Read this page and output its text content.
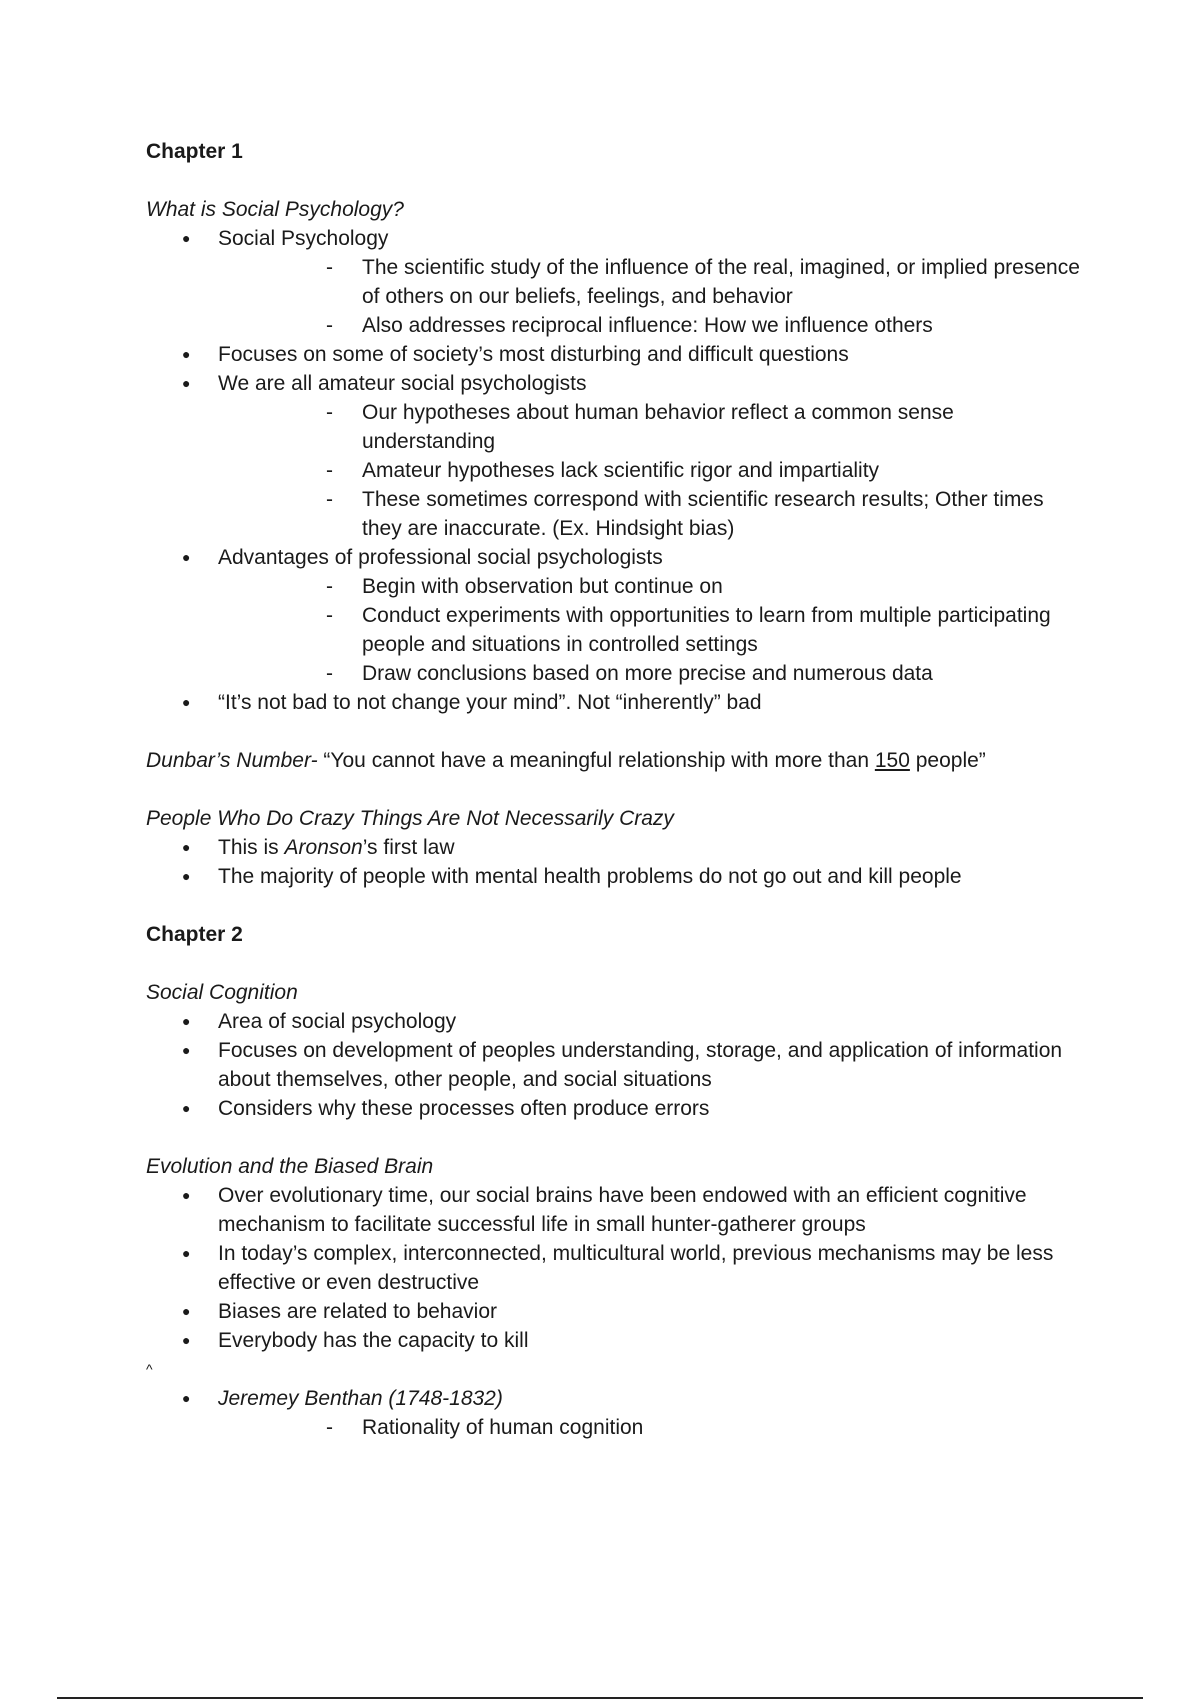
Chapter 1

What is Social Psychology?

● Social Psychology
- The scientific study of the influence of the real, imagined, or implied presence of others on our beliefs, feelings, and behavior
- Also addresses reciprocal influence: How we influence others
● Focuses on some of society’s most disturbing and difficult questions
● We are all amateur social psychologists
- Our hypotheses about human behavior reflect a common sense understanding
- Amateur hypotheses lack scientific rigor and impartiality
- These sometimes correspond with scientific research results; Other times they are inaccurate. (Ex. Hindsight bias)
● Advantages of professional social psychologists
- Begin with observation but continue on
- Conduct experiments with opportunities to learn from multiple participating people and situations in controlled settings
- Draw conclusions based on more precise and numerous data
● “It’s not bad to not change your mind”. Not “inherently” bad

Dunbar’s Number- “You cannot have a meaningful relationship with more than 150 people”

People Who Do Crazy Things Are Not Necessarily Crazy

● This is Aronson’s first law
● The majority of people with mental health problems do not go out and kill people

Chapter 2

Social Cognition

● Area of social psychology
● Focuses on development of peoples understanding, storage, and application of information about themselves, other people, and social situations
● Considers why these processes often produce errors

Evolution and the Biased Brain

● Over evolutionary time, our social brains have been endowed with an efficient cognitive mechanism to facilitate successful life in small hunter-gatherer groups
● In today’s complex, interconnected, multicultural world, previous mechanisms may be less effective or even destructive
● Biases are related to behavior
● Everybody has the capacity to kill

^

● Jeremey Benthan (1748-1832)
- Rationality of human cognition
